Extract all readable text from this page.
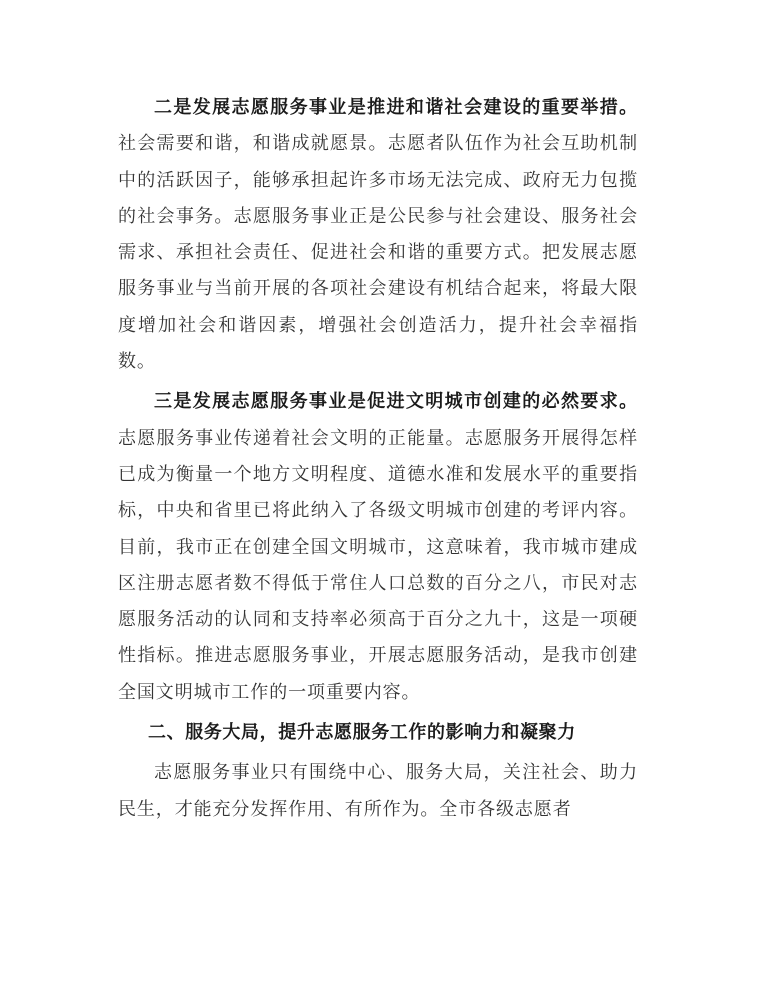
二是发展志愿服务事业是推进和谐社会建设的重要举措。社会需要和谐，和谐成就愿景。志愿者队伍作为社会互助机制中的活跃因子，能够承担起许多市场无法完成、政府无力包揽的社会事务。志愿服务事业正是公民参与社会建设、服务社会需求、承担社会责任、促进社会和谐的重要方式。把发展志愿服务事业与当前开展的各项社会建设有机结合起来，将最大限度增加社会和谐因素，增强社会创造活力，提升社会幸福指数。

三是发展志愿服务事业是促进文明城市创建的必然要求。志愿服务事业传递着社会文明的正能量。志愿服务开展得怎样已成为衡量一个地方文明程度、道德水准和发展水平的重要指标，中央和省里已将此纳入了各级文明城市创建的考评内容。目前，我市正在创建全国文明城市，这意味着，我市城市建成区注册志愿者数不得低于常住人口总数的百分之八，市民对志愿服务活动的认同和支持率必须高于百分之九十，这是一项硬性指标。推进志愿服务事业，开展志愿服务活动，是我市创建全国文明城市工作的一项重要内容。

二、服务大局，提升志愿服务工作的影响力和凝聚力

志愿服务事业只有围绕中心、服务大局，关注社会、助力民生，才能充分发挥作用、有所作为。全市各级志愿者
